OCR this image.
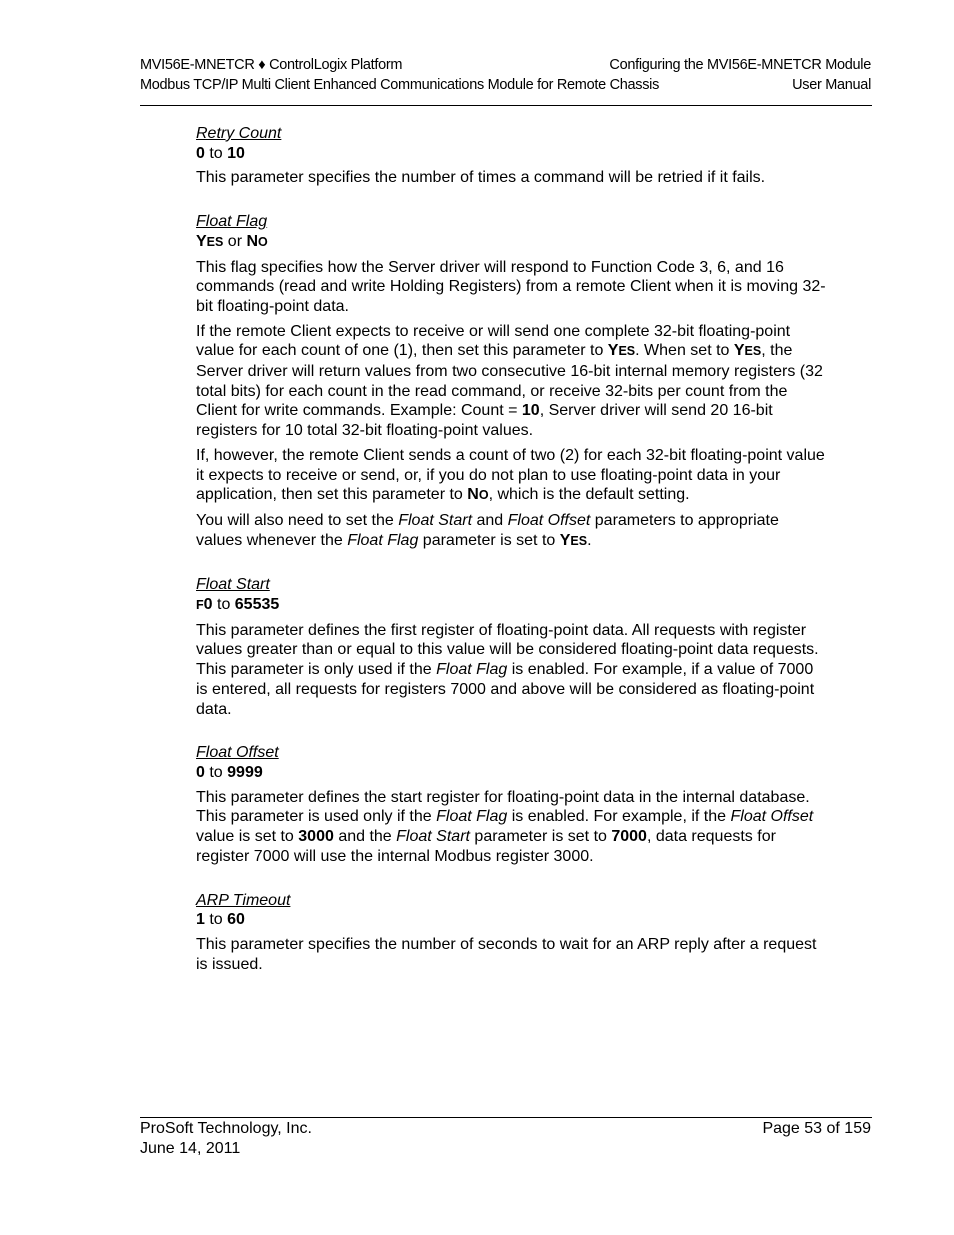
MVI56E-MNETCR ♦ ControlLogix Platform	Configuring the MVI56E-MNETCR Module
Modbus TCP/IP Multi Client Enhanced Communications Module for Remote Chassis	User Manual

Retry Count

0 to 10

This parameter specifies the number of times a command will be retried if it fails.

Float Flag

YES or NO

This flag specifies how the Server driver will respond to Function Code 3, 6, and 16 commands (read and write Holding Registers) from a remote Client when it is moving 32-bit floating-point data.

If the remote Client expects to receive or will send one complete 32-bit floating-point value for each count of one (1), then set this parameter to YES. When set to YES, the Server driver will return values from two consecutive 16-bit internal memory registers (32 total bits) for each count in the read command, or receive 32-bits per count from the Client for write commands. Example: Count = 10, Server driver will send 20 16-bit registers for 10 total 32-bit floating-point values.

If, however, the remote Client sends a count of two (2) for each 32-bit floating-point value it expects to receive or send, or, if you do not plan to use floating-point data in your application, then set this parameter to NO, which is the default setting.

You will also need to set the Float Start and Float Offset parameters to appropriate values whenever the Float Flag parameter is set to YES.

Float Start

F0 to 65535

This parameter defines the first register of floating-point data. All requests with register values greater than or equal to this value will be considered floating-point data requests. This parameter is only used if the Float Flag is enabled. For example, if a value of 7000 is entered, all requests for registers 7000 and above will be considered as floating-point data.

Float Offset

0 to 9999

This parameter defines the start register for floating-point data in the internal database. This parameter is used only if the Float Flag is enabled. For example, if the Float Offset value is set to 3000 and the Float Start parameter is set to 7000, data requests for register 7000 will use the internal Modbus register 3000.

ARP Timeout

1 to 60

This parameter specifies the number of seconds to wait for an ARP reply after a request is issued.

ProSoft Technology, Inc.	Page 53 of 159
June 14, 2011
